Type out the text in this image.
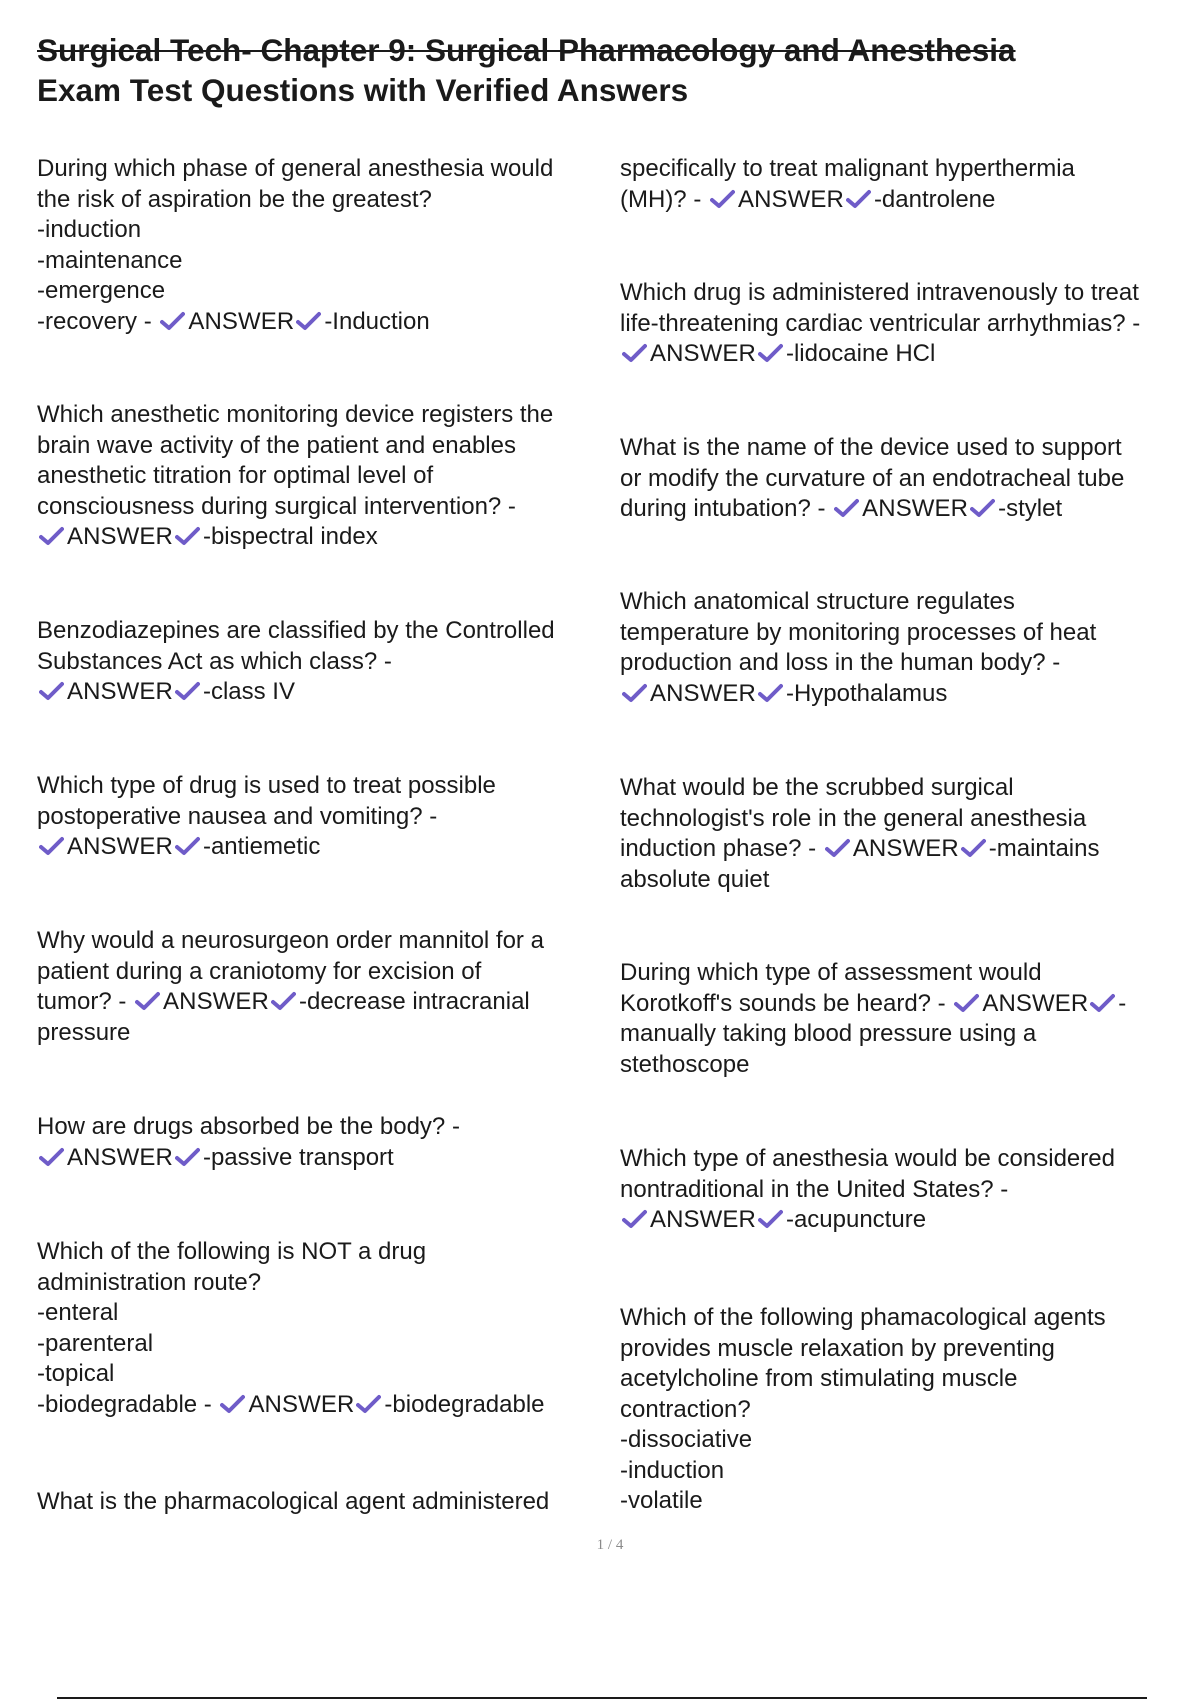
Surgical Tech- Chapter 9: Surgical Pharmacology and Anesthesia
Exam Test Questions with Verified Answers
During which phase of general anesthesia would
the risk of aspiration be the greatest?
-induction
-maintenance
-emergence
-recovery -
ANSWER -Induction
Which anesthetic monitoring device registers the
brain wave activity of the patient and enables
anesthetic titration for optimal level of
consciousness during surgical intervention? -
ANSWER -bispectral index
Benzodiazepines are classified by the Controlled
Substances Act as which class? -
ANSWER -class IV
Which type of drug is used to treat possible
postoperative nausea and vomiting? -
ANSWER -antiemetic
Why would a neurosurgeon order mannitol for a
patient during a craniotomy for excision of
tumor? -
ANSWER -decrease intracranial
pressure
How are drugs absorbed be the body? -
ANSWER -passive transport
Which of the following is NOT a drug
administration route?
-enteral
-parenteral
-topical
-biodegradable -
ANSWER -biodegradable
What is the pharmacological agent administered
specifically to treat malignant hyperthermia
(MH)? -
ANSWER -dantrolene
Which drug is administered intravenously to treat
life-threatening cardiac ventricular arrhythmias? -
ANSWER -lidocaine HCl
What is the name of the device used to support
or modify the curvature of an endotracheal tube
during intubation? -
ANSWER -stylet
Which anatomical structure regulates
temperature by monitoring processes of heat
production and loss in the human body? -
ANSWER -Hypothalamus
What would be the scrubbed surgical
technologist's role in the general anesthesia
induction phase? -
ANSWER -maintains
absolute quiet
During which type of assessment would
Korotkoff's sounds be heard? -
ANSWER -
manually taking blood pressure using a
stethoscope
Which type of anesthesia would be considered
nontraditional in the United States? -
ANSWER -acupuncture
Which of the following phamacological agents
provides muscle relaxation by preventing
acetylcholine from stimulating muscle
contraction?
-dissociative
-induction
-volatile
1 / 4
